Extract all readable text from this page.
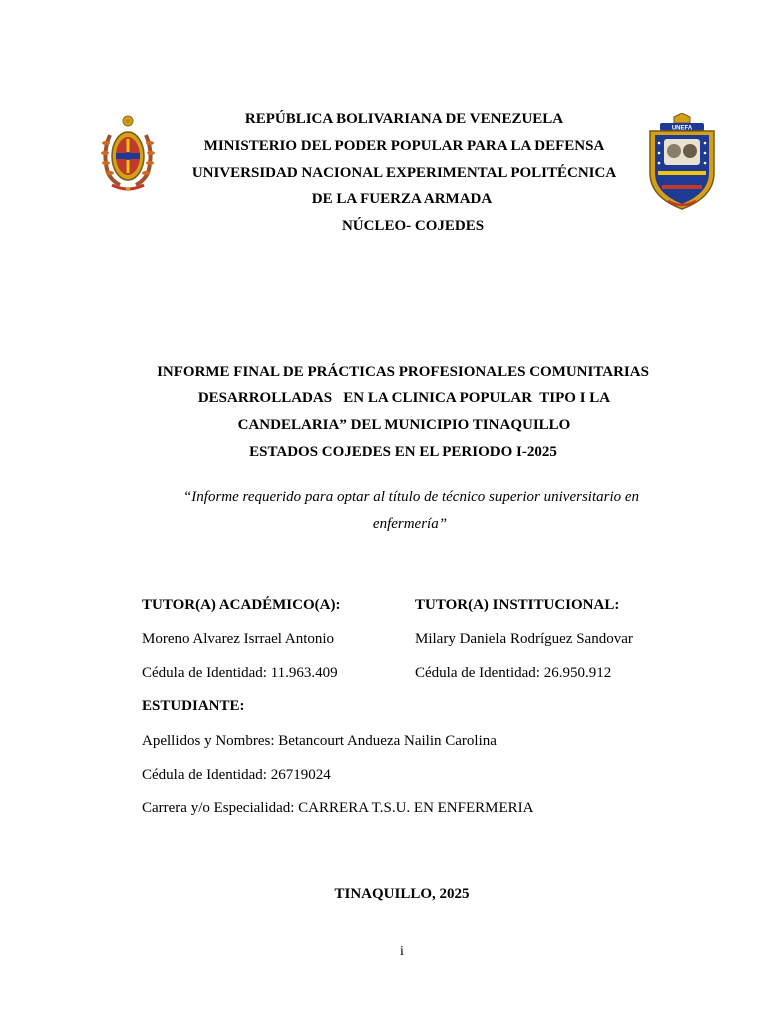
UNEFA
REPÚBLICA BOLIVARIANA DE VENEZUELA
MINISTERIO DEL PODER POPULAR PARA LA DEFENSA
UNIVERSIDAD NACIONAL EXPERIMENTAL POLITÉCNICA
DE LA FUERZA ARMADA
NÚCLEO- COJEDES
INFORME FINAL DE PRÁCTICAS PROFESIONALES COMUNITARIAS
DESARROLLADAS   EN LA CLINICA POPULAR  TIPO I LA
CANDELARIA” DEL MUNICIPIO TINAQUILLO
ESTADOS COJEDES EN EL PERIODO I-2025
“Informe requerido para optar al título de técnico superior universitario en
enfermería”
TUTOR(A) ACADÉMICO(A):	TUTOR(A) INSTITUCIONAL:
Moreno Alvarez Isrrael Antonio	Milary Daniela Rodríguez Sandovar
Cédula de Identidad: 11.963.409	Cédula de Identidad: 26.950.912
ESTUDIANTE:
Apellidos y Nombres: Betancourt Andueza Nailin Carolina
Cédula de Identidad: 26719024
Carrera y/o Especialidad: CARRERA T.S.U. EN ENFERMERIA
TINAQUILLO, 2025
i
